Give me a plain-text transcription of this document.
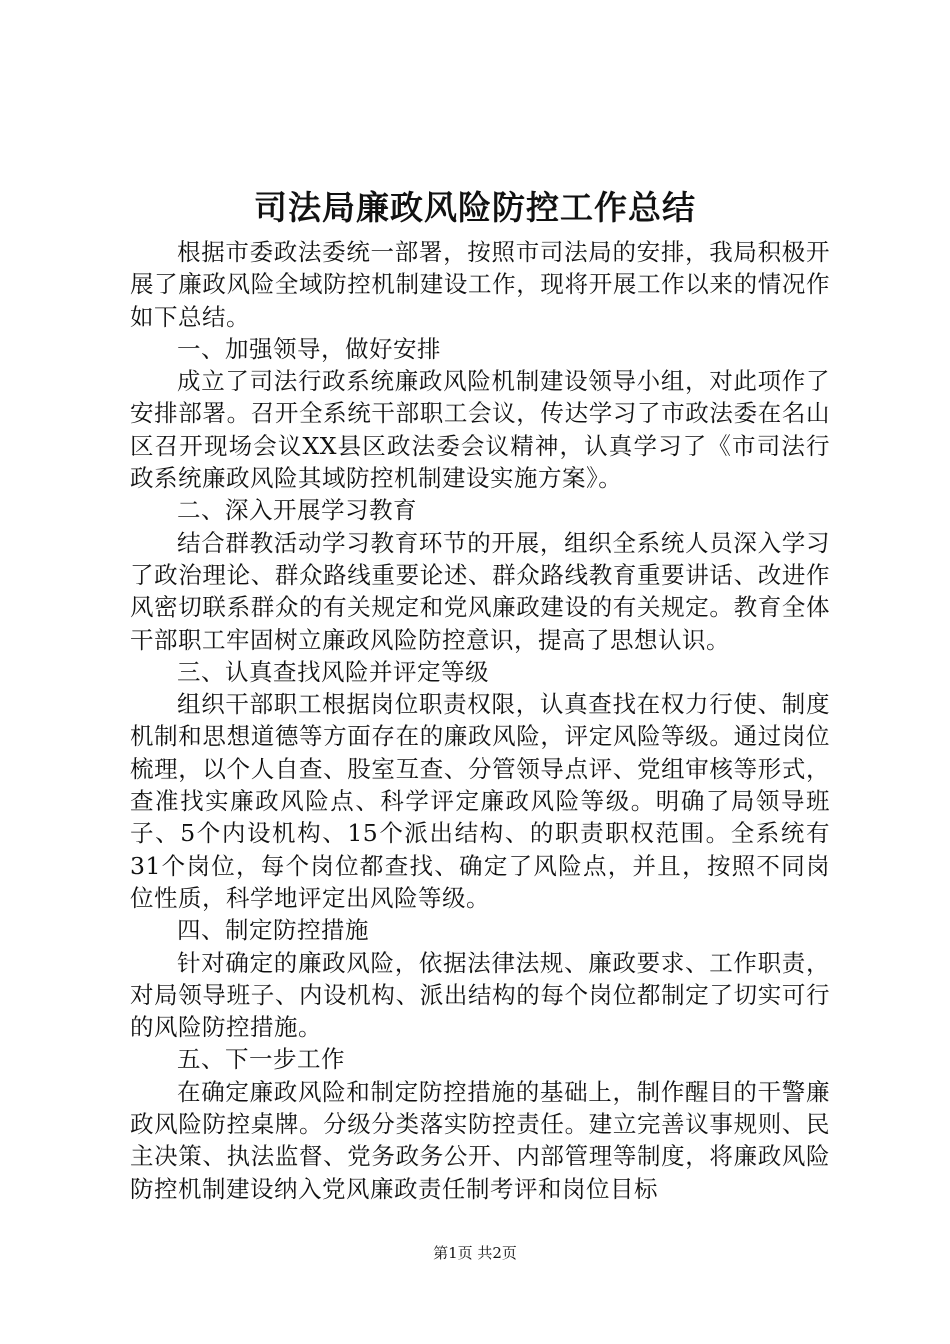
司法局廉政风险防控工作总结

根据市委政法委统一部署，按照市司法局的安排，我局积极开展了廉政风险全域防控机制建设工作，现将开展工作以来的情况作如下总结。

一、加强领导，做好安排

成立了司法行政系统廉政风险机制建设领导小组，对此项作了安排部署。召开全系统干部职工会议，传达学习了市政法委在名山区召开现场会议XX县区政法委会议精神，认真学习了《市司法行政系统廉政风险其域防控机制建设实施方案》。

二、深入开展学习教育

结合群教活动学习教育环节的开展，组织全系统人员深入学习了政治理论、群众路线重要论述、群众路线教育重要讲话、改进作风密切联系群众的有关规定和党风廉政建设的有关规定。教育全体干部职工牢固树立廉政风险防控意识，提高了思想认识。

三、认真查找风险并评定等级

组织干部职工根据岗位职责权限，认真查找在权力行使、制度机制和思想道德等方面存在的廉政风险，评定风险等级。通过岗位梳理，以个人自查、股室互查、分管领导点评、党组审核等形式，查准找实廉政风险点、科学评定廉政风险等级。明确了局领导班子、5个内设机构、15个派出结构、的职责职权范围。全系统有31个岗位，每个岗位都查找、确定了风险点，并且，按照不同岗位性质，科学地评定出风险等级。

四、制定防控措施

针对确定的廉政风险，依据法律法规、廉政要求、工作职责，对局领导班子、内设机构、派出结构的每个岗位都制定了切实可行的风险防控措施。

五、下一步工作

在确定廉政风险和制定防控措施的基础上，制作醒目的干警廉政风险防控桌牌。分级分类落实防控责任。建立完善议事规则、民主决策、执法监督、党务政务公开、内部管理等制度，将廉政风险防控机制建设纳入党风廉政责任制考评和岗位目标

第1页 共2页
